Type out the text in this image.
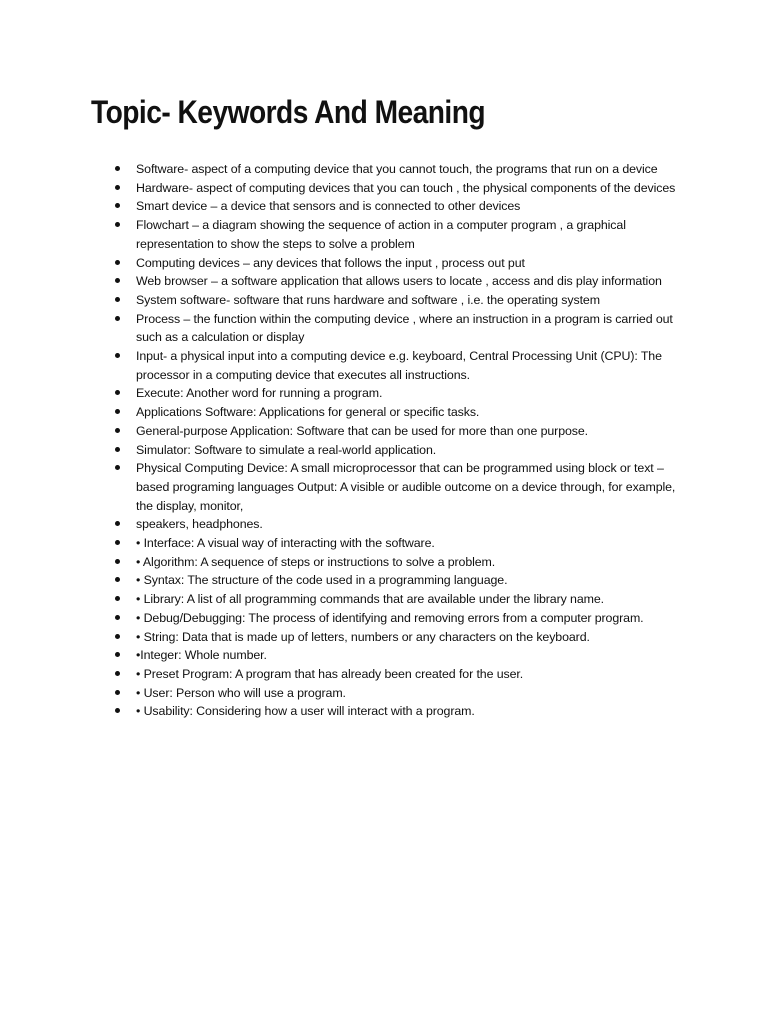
Topic- Keywords And Meaning
Software- aspect of a computing device that you cannot touch, the programs that run on a device
Hardware- aspect of computing devices that you can touch , the physical components of the devices
Smart device – a device that sensors and is connected to other devices
Flowchart – a diagram showing the sequence of action in a computer program , a graphical representation to show the steps to solve a problem
Computing devices – any devices that follows the input , process out put
Web browser – a software application that allows users to locate , access and dis play information
System software- software that runs hardware and software , i.e. the operating system
Process – the function within the computing device , where an instruction in a program is carried out such as a calculation or display
Input- a physical input into a computing device e.g. keyboard, Central Processing Unit (CPU): The processor in a computing device that executes all instructions.
Execute: Another word for running a program.
Applications Software: Applications for general or specific tasks.
General-purpose Application: Software that can be used for more than one purpose.
Simulator: Software to simulate a real-world application.
Physical Computing Device: A small microprocessor that can be programmed using block or text – based programing languages Output: A visible or audible outcome on a device through, for example, the display, monitor,
speakers, headphones.
• Interface: A visual way of interacting with the software.
• Algorithm: A sequence of steps or instructions to solve a problem.
• Syntax: The structure of the code used in a programming language.
• Library: A list of all programming commands that are available under the library name.
• Debug/Debugging: The process of identifying and removing errors from a computer program.
• String: Data that is made up of letters, numbers or any characters on the keyboard.
•Integer: Whole number.
• Preset Program: A program that has already been created for the user.
• User: Person who will use a program.
• Usability: Considering how a user will interact with a program.
